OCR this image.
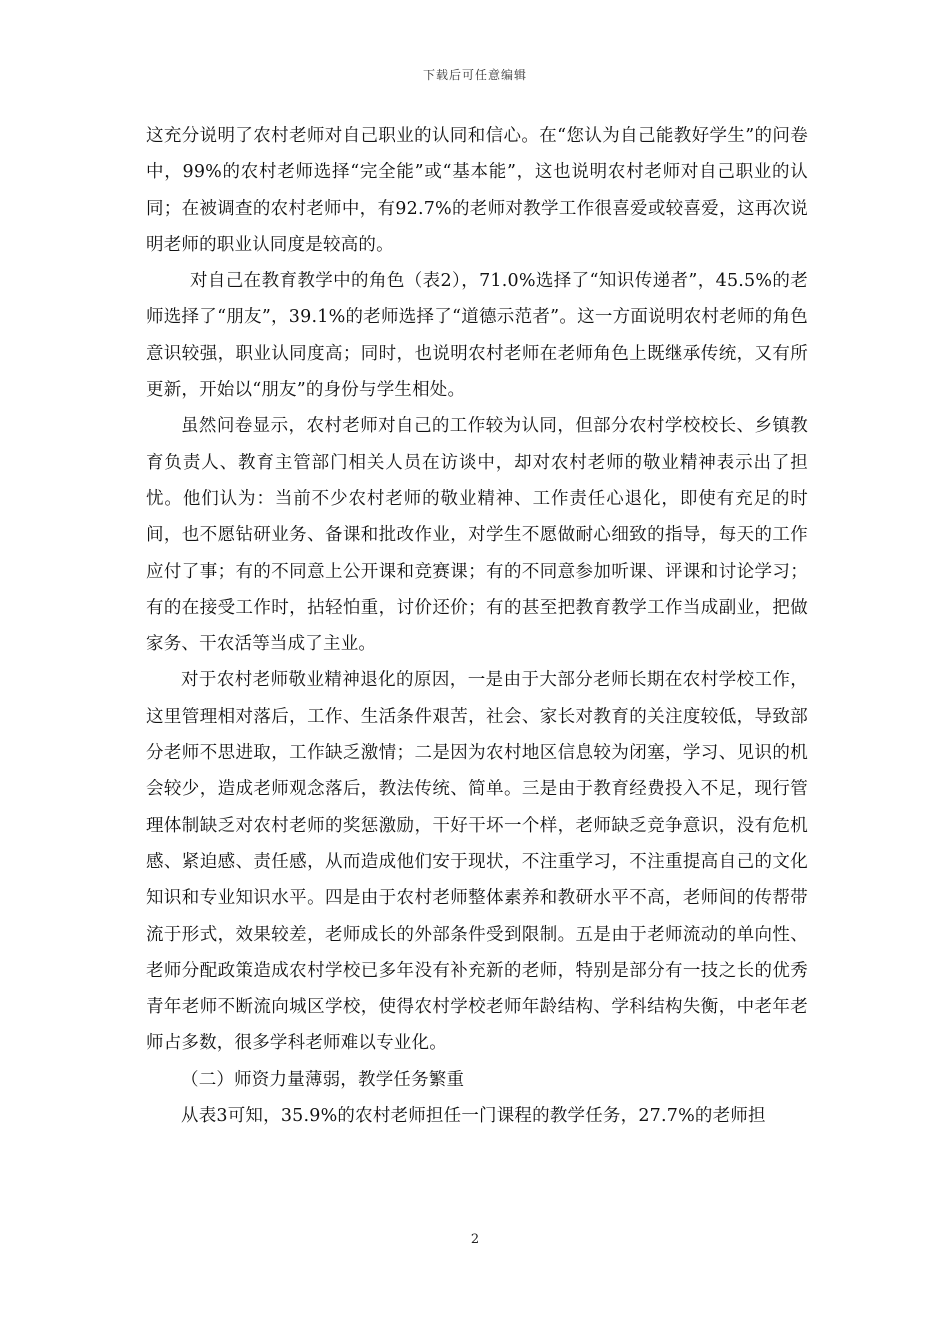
下载后可任意编辑

这充分说明了农村老师对自己职业的认同和信心。在“您认为自己能教好学生”的问卷中，99%的农村老师选择“完全能”或“基本能”，这也说明农村老师对自己职业的认同；在被调查的农村老师中，有92.7%的老师对教学工作很喜爱或较喜爱，这再次说明老师的职业认同度是较高的。

对自己在教育教学中的角色（表2），71.0%选择了“知识传递者”，45.5%的老师选择了“朋友”，39.1%的老师选择了“道德示范者”。这一方面说明农村老师的角色意识较强，职业认同度高；同时，也说明农村老师在老师角色上既继承传统，又有所更新，开始以“朋友”的身份与学生相处。

虽然问卷显示，农村老师对自己的工作较为认同，但部分农村学校校长、乡镇教育负责人、教育主管部门相关人员在访谈中，却对农村老师的敬业精神表示出了担忧。他们认为：当前不少农村老师的敬业精神、工作责任心退化，即使有充足的时间，也不愿钻研业务、备课和批改作业，对学生不愿做耐心细致的指导，每天的工作应付了事；有的不同意上公开课和竞赛课；有的不同意参加听课、评课和讨论学习；有的在接受工作时，拈轻怕重，讨价还价；有的甚至把教育教学工作当成副业，把做家务、干农活等当成了主业。

对于农村老师敬业精神退化的原因，一是由于大部分老师长期在农村学校工作，这里管理相对落后，工作、生活条件艰苦，社会、家长对教育的关注度较低，导致部分老师不思进取，工作缺乏激情；二是因为农村地区信息较为闭塞，学习、见识的机会较少，造成老师观念落后，教法传统、简单。三是由于教育经费投入不足，现行管理体制缺乏对农村老师的奖惩激励，干好干坏一个样，老师缺乏竞争意识，没有危机感、紧迫感、责任感，从而造成他们安于现状，不注重学习，不注重提高自己的文化知识和专业知识水平。四是由于农村老师整体素养和教研水平不高，老师间的传帮带流于形式，效果较差，老师成长的外部条件受到限制。五是由于老师流动的单向性、老师分配政策造成农村学校已多年没有补充新的老师，特别是部分有一技之长的优秀青年老师不断流向城区学校，使得农村学校老师年龄结构、学科结构失衡，中老年老师占多数，很多学科老师难以专业化。

（二）师资力量薄弱，教学任务繁重

从表3可知，35.9%的农村老师担任一门课程的教学任务，27.7%的老师担

2
